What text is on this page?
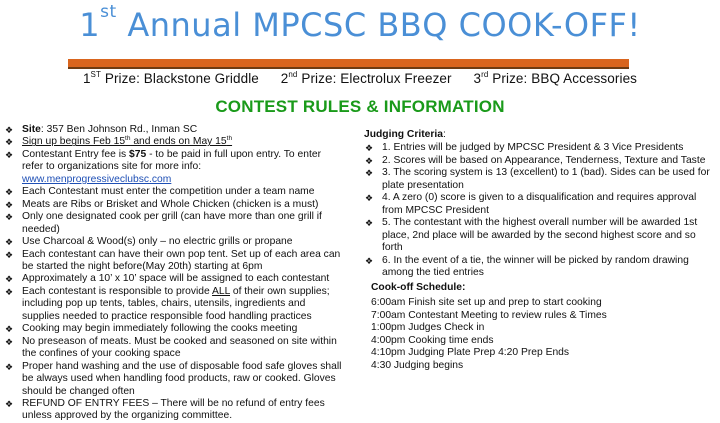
1st Annual MPCSC BBQ COOK-OFF!
1ST Prize: Blackstone Griddle 2nd Prize: Electrolux Freezer 3rd Prize: BBQ Accessories
CONTEST RULES & INFORMATION
❖ Site: 357 Ben Johnson Rd., Inman SC
❖ Sign up begins Feb 15th and ends on May 15th
❖ Contestant Entry fee is $75 - to be paid in full upon entry. To enter refer to organizations site for more info: www.menprogressiveclubsc.com
❖ Each Contestant must enter the competition under a team name
❖ Meats are Ribs or Brisket and Whole Chicken (chicken is a must)
❖ Only one designated cook per grill (can have more than one grill if needed)
❖ Use Charcoal & Wood(s) only – no electric grills or propane
❖ Each contestant can have their own pop tent. Set up of each area can be started the night before(May 20th) starting at 6pm
❖ Approximately a 10’ x 10’ space will be assigned to each contestant
❖ Each contestant is responsible to provide ALL of their own supplies; including pop up tents, tables, chairs, utensils, ingredients and supplies needed to practice responsible food handling practices
❖ Cooking may begin immediately following the cooks meeting
❖ No preseason of meats. Must be cooked and seasoned on site within the confines of your cooking space
❖ Proper hand washing and the use of disposable food safe gloves shall be always used when handling food products, raw or cooked. Gloves should be changed often
❖ REFUND OF ENTRY FEES – There will be no refund of entry fees unless approved by the organizing committee.
Judging Criteria:
❖ 1. Entries will be judged by MPCSC President & 3 Vice Presidents
❖ 2. Scores will be based on Appearance, Tenderness, Texture and Taste
❖ 3. The scoring system is 13 (excellent) to 1 (bad). Sides can be used for plate presentation
❖ 4. A zero (0) score is given to a disqualification and requires approval from MPCSC President
❖ 5. The contestant with the highest overall number will be awarded 1st place, 2nd place will be awarded by the second highest score and so forth
❖ 6. In the event of a tie, the winner will be picked by random drawing among the tied entries
Cook-off Schedule:
6:00am Finish site set up and prep to start cooking
7:00am Contestant Meeting to review rules & Times
1:00pm Judges Check in
4:00pm Cooking time ends
4:10pm Judging Plate Prep 4:20 Prep Ends
4:30 Judging begins
